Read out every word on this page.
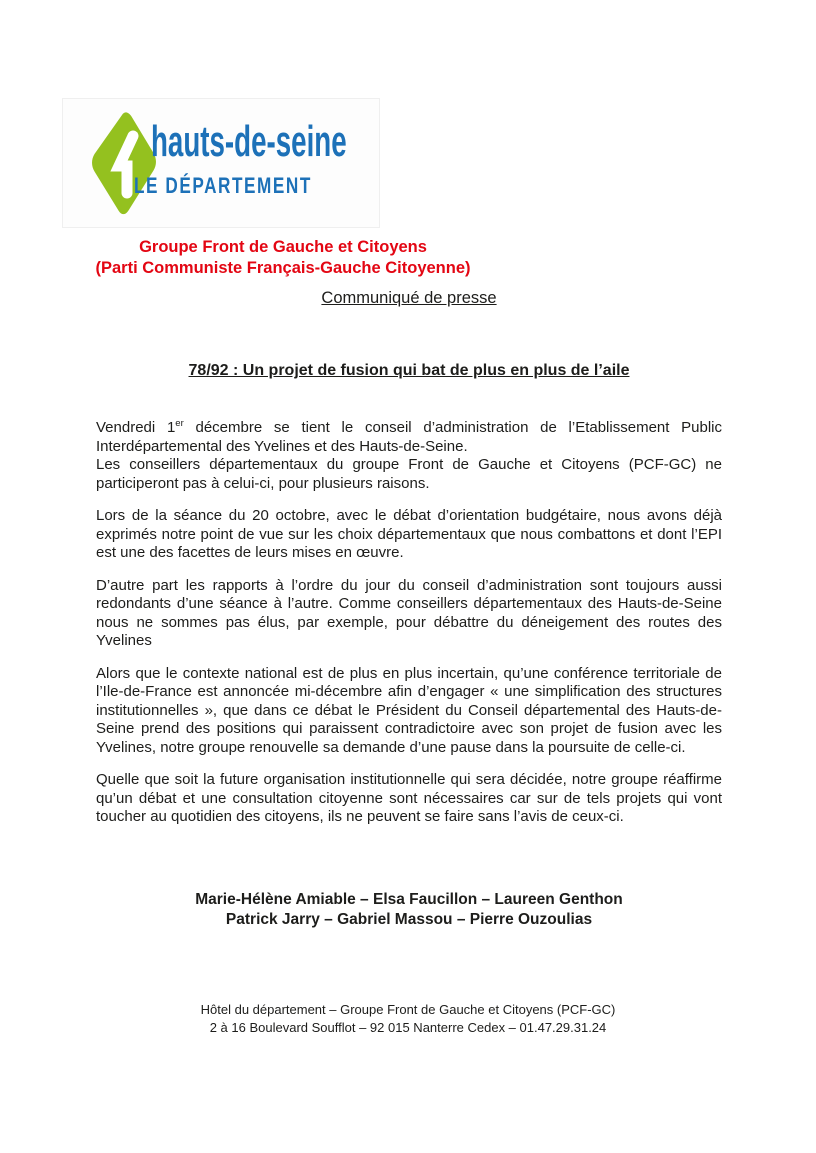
hauts-de-seine
LE DÉPARTEMENT
Groupe Front de Gauche et Citoyens
(Parti Communiste Français-Gauche Citoyenne)
Communiqué de presse
78/92 : Un projet de fusion qui bat de plus en plus de l’aile

Vendredi 1er décembre se tient le conseil d’administration de l’Etablissement Public Interdépartemental des Yvelines et des Hauts-de-Seine.

Les conseillers départementaux du groupe Front de Gauche et Citoyens (PCF-GC) ne participeront pas à celui-ci, pour plusieurs raisons.

Lors de la séance du 20 octobre, avec le débat d’orientation budgétaire, nous avons déjà exprimés notre point de vue sur les choix départementaux que nous combattons et dont l’EPI est une des facettes de leurs mises en œuvre.

D’autre part les rapports à l’ordre du jour du conseil d’administration sont toujours aussi redondants d’une séance à l’autre. Comme conseillers départementaux des Hauts-de-Seine nous ne sommes pas élus, par exemple, pour débattre du déneigement des routes des Yvelines

Alors que le contexte national est de plus en plus incertain, qu’une conférence territoriale de l’Ile-de-France est annoncée mi-décembre afin d’engager « une simplification des structures institutionnelles », que dans ce débat le Président du Conseil départemental des Hauts-de-Seine prend des positions qui paraissent contradictoire avec son projet de fusion avec les Yvelines, notre groupe renouvelle sa demande d’une pause dans la poursuite de celle-ci.

Quelle que soit la future organisation institutionnelle qui sera décidée, notre groupe réaffirme qu’un débat et une consultation citoyenne sont nécessaires car sur de tels projets qui vont toucher au quotidien des citoyens, ils ne peuvent se faire sans l’avis de ceux-ci.

Marie-Hélène Amiable – Elsa Faucillon – Laureen Genthon
Patrick Jarry – Gabriel Massou – Pierre Ouzoulias
Hôtel du département – Groupe Front de Gauche et Citoyens (PCF-GC)
2 à 16 Boulevard Soufflot – 92 015 Nanterre Cedex – 01.47.29.31.24
